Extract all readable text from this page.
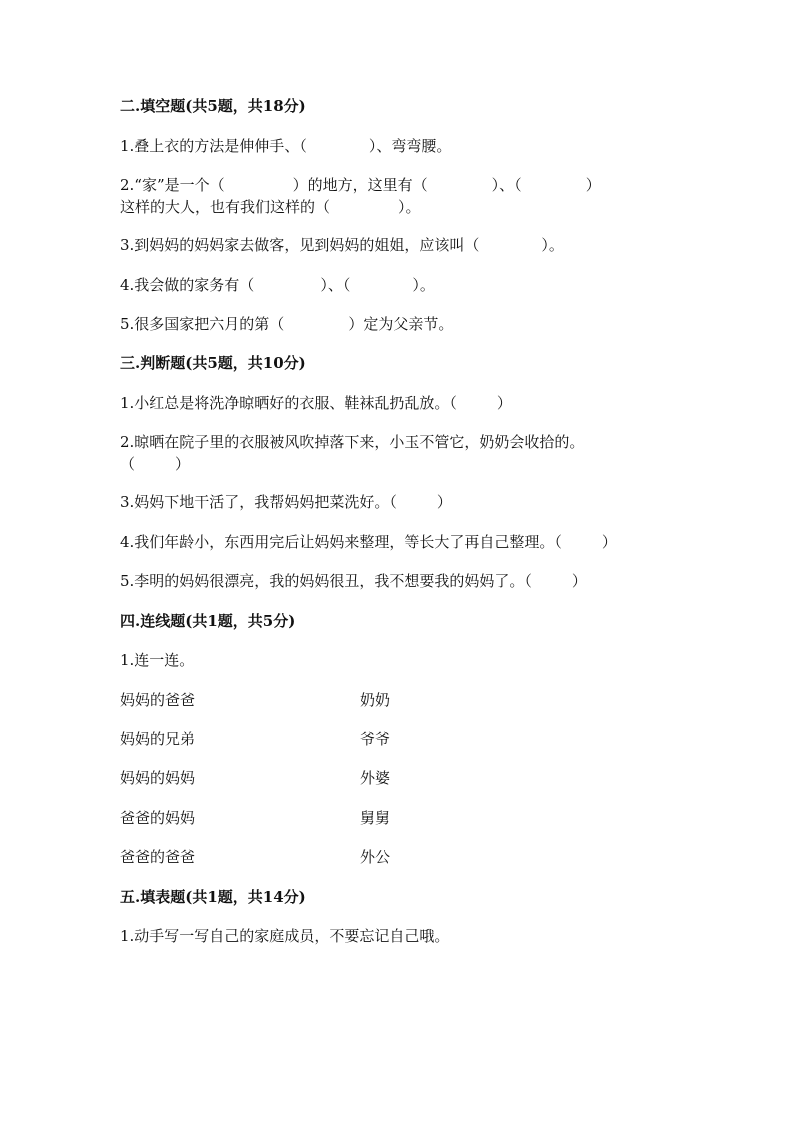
二.填空题(共5题，共18分)

1.叠上衣的方法是伸伸手、（	）、弯弯腰。

2.“家”是一个（	）的地方，这里有（	）、（	）

这样的大人，也有我们这样的（	）。

3.到妈妈的妈妈家去做客，见到妈妈的姐姐，应该叫（	）。

4.我会做的家务有（	）、（	）。

5.很多国家把六月的第（	）定为父亲节。

三.判断题(共5题，共10分)

1.小红总是将洗净晾晒好的衣服、鞋袜乱扔乱放。（	）

2.晾晒在院子里的衣服被风吹掉落下来，小玉不管它，奶奶会收拾的。

（	）

3.妈妈下地干活了，我帮妈妈把菜洗好。（	）

4.我们年龄小，东西用完后让妈妈来整理，等长大了再自己整理。（	）

5.李明的妈妈很漂亮，我的妈妈很丑，我不想要我的妈妈了。（	）

四.连线题(共1题，共5分)

1.连一连。

妈妈的爸爸	奶奶

妈妈的兄弟	爷爷

妈妈的妈妈	外婆

爸爸的妈妈	舅舅

爸爸的爸爸	外公

五.填表题(共1题，共14分)

1.动手写一写自己的家庭成员，不要忘记自己哦。
